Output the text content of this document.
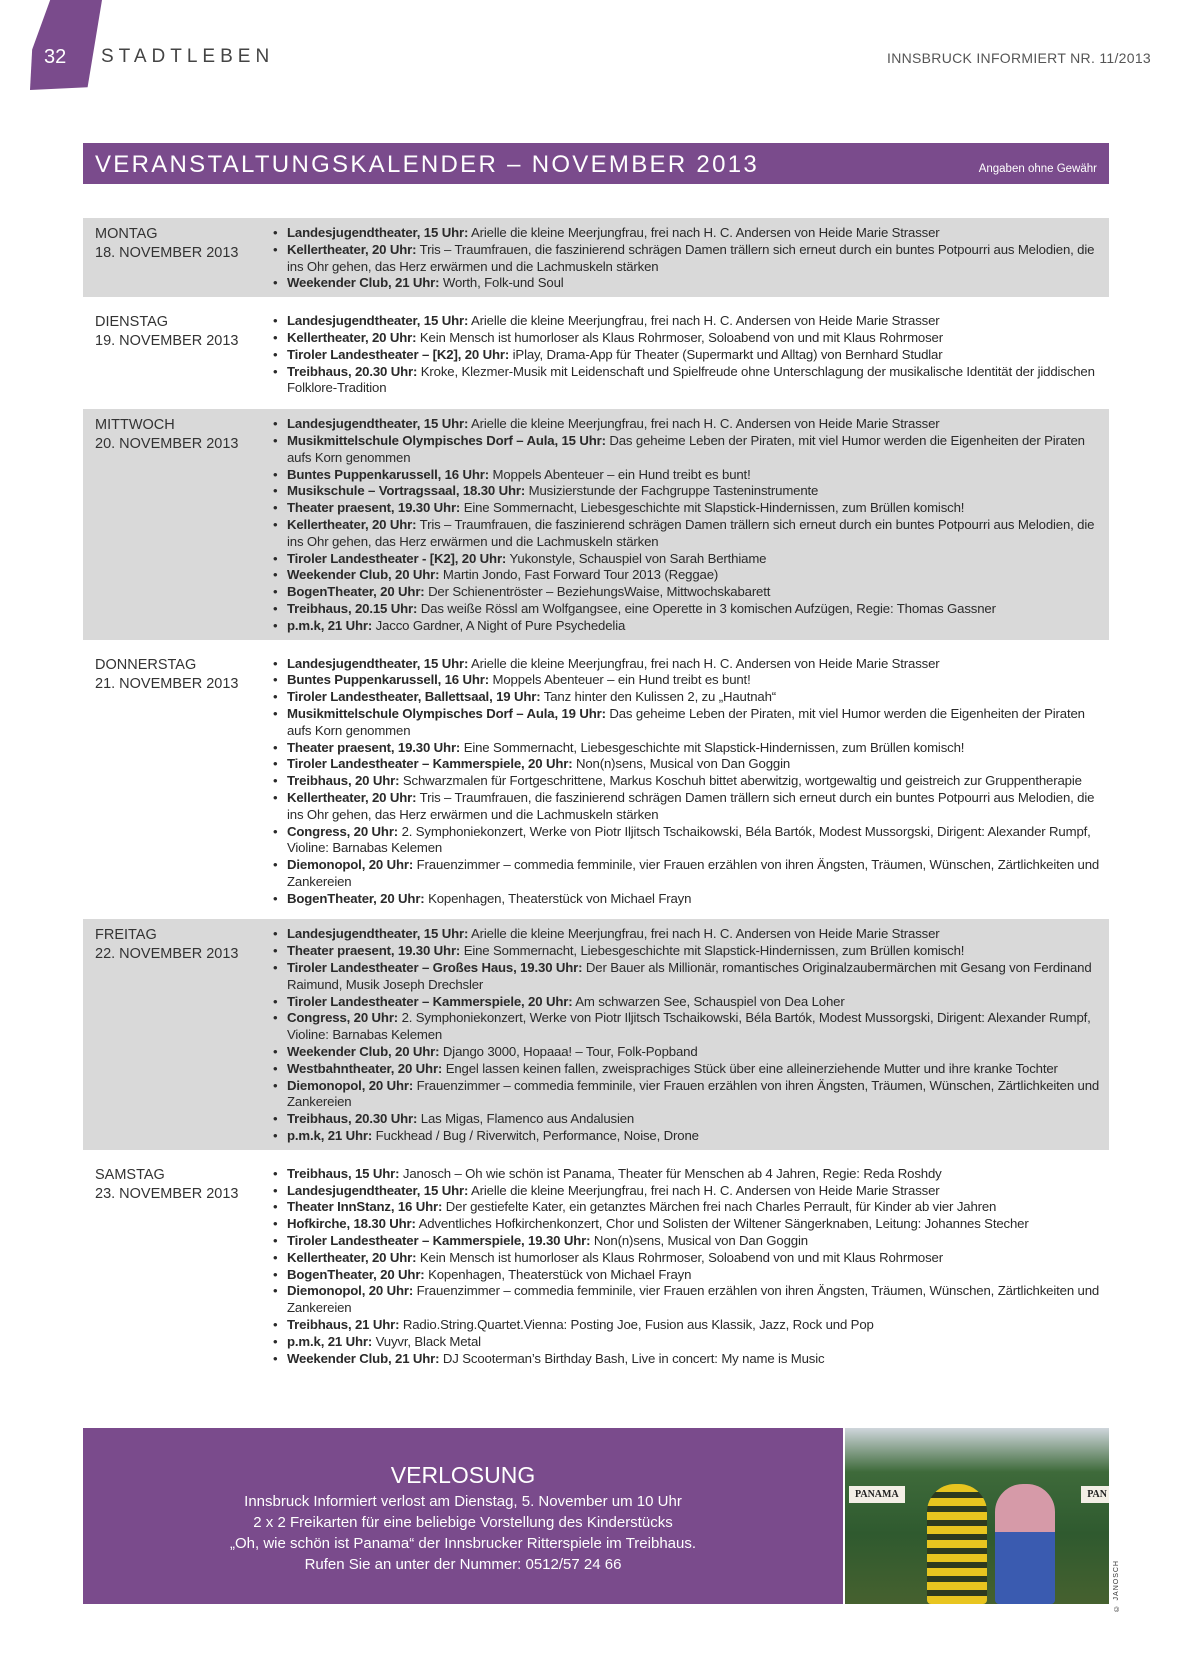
32 STADTLEBEN	INNSBRUCK INFORMIERT NR. 11/2013
VERANSTALTUNGSKALENDER – NOVEMBER 2013	Angaben ohne Gewähr
MONTAG
18. NOVEMBER 2013
• Landesjugendtheater, 15 Uhr: Arielle die kleine Meerjungfrau, frei nach H. C. Andersen von Heide Marie Strasser
• Kellertheater, 20 Uhr: Tris – Traumfrauen, die faszinierend schrägen Damen trällern sich erneut durch ein buntes Potpourri aus Melodien, die ins Ohr gehen, das Herz erwärmen und die Lachmuskeln stärken
• Weekender Club, 21 Uhr: Worth, Folk-und Soul
DIENSTAG
19. NOVEMBER 2013
• Landesjugendtheater, 15 Uhr: Arielle die kleine Meerjungfrau, frei nach H. C. Andersen von Heide Marie Strasser
• Kellertheater, 20 Uhr: Kein Mensch ist humorloser als Klaus Rohrmoser, Soloabend von und mit Klaus Rohrmoser
• Tiroler Landestheater – [K2], 20 Uhr: iPlay, Drama-App für Theater (Supermarkt und Alltag) von Bernhard Studlar
• Treibhaus, 20.30 Uhr: Kroke, Klezmer-Musik mit Leidenschaft und Spielfreude ohne Unterschlagung der musikalische Identität der jiddischen Folklore-Tradition
MITTWOCH
20. NOVEMBER 2013
• Landesjugendtheater, 15 Uhr: Arielle die kleine Meerjungfrau, frei nach H. C. Andersen von Heide Marie Strasser
• Musikmittelschule Olympisches Dorf – Aula, 15 Uhr: Das geheime Leben der Piraten, mit viel Humor werden die Eigenheiten der Piraten aufs Korn genommen
• Buntes Puppenkarussell, 16 Uhr: Moppels Abenteuer – ein Hund treibt es bunt!
• Musikschule – Vortragssaal, 18.30 Uhr: Musizierstunde der Fachgruppe Tasteninstrumente
• Theater praesent, 19.30 Uhr: Eine Sommernacht, Liebesgeschichte mit Slapstick-Hindernissen, zum Brüllen komisch!
• Kellertheater, 20 Uhr: Tris – Traumfrauen, die faszinierend schrägen Damen trällern sich erneut durch ein buntes Potpourri aus Melodien, die ins Ohr gehen, das Herz erwärmen und die Lachmuskeln stärken
• Tiroler Landestheater - [K2], 20 Uhr: Yukonstyle, Schauspiel von Sarah Berthiame
• Weekender Club, 20 Uhr: Martin Jondo, Fast Forward Tour 2013 (Reggae)
• BogenTheater, 20 Uhr: Der Schienentröster – BeziehungsWaise, Mittwochskabarett
• Treibhaus, 20.15 Uhr: Das weiße Rössl am Wolfgangsee, eine Operette in 3 komischen Aufzügen, Regie: Thomas Gassner
• p.m.k, 21 Uhr: Jacco Gardner, A Night of Pure Psychedelia
DONNERSTAG
21. NOVEMBER 2013
• Landesjugendtheater, 15 Uhr: Arielle die kleine Meerjungfrau, frei nach H. C. Andersen von Heide Marie Strasser
• Buntes Puppenkarussell, 16 Uhr: Moppels Abenteuer – ein Hund treibt es bunt!
• Tiroler Landestheater, Ballettsaal, 19 Uhr: Tanz hinter den Kulissen 2, zu „Hautnah“
• Musikmittelschule Olympisches Dorf – Aula, 19 Uhr: Das geheime Leben der Piraten, mit viel Humor werden die Eigenheiten der Piraten aufs Korn genommen
• Theater praesent, 19.30 Uhr: Eine Sommernacht, Liebesgeschichte mit Slapstick-Hindernissen, zum Brüllen komisch!
• Tiroler Landestheater – Kammerspiele, 20 Uhr: Non(n)sens, Musical von Dan Goggin
• Treibhaus, 20 Uhr: Schwarzmalen für Fortgeschrittene, Markus Koschuh bittet aberwitzig, wortgewaltig und geistreich zur Gruppentherapie
• Kellertheater, 20 Uhr: Tris – Traumfrauen, die faszinierend schrägen Damen trällern sich erneut durch ein buntes Potpourri aus Melodien, die ins Ohr gehen, das Herz erwärmen und die Lachmuskeln stärken
• Congress, 20 Uhr: 2. Symphoniekonzert, Werke von Piotr Iljitsch Tschaikowski, Béla Bartók, Modest Mussorgski, Dirigent: Alexander Rumpf, Violine: Barnabas Kelemen
• Diemonopol, 20 Uhr: Frauenzimmer – commedia femminile, vier Frauen erzählen von ihren Ängsten, Träumen, Wünschen, Zärtlichkeiten und Zankereien
• BogenTheater, 20 Uhr: Kopenhagen, Theaterstück von Michael Frayn
FREITAG
22. NOVEMBER 2013
• Landesjugendtheater, 15 Uhr: Arielle die kleine Meerjungfrau, frei nach H. C. Andersen von Heide Marie Strasser
• Theater praesent, 19.30 Uhr: Eine Sommernacht, Liebesgeschichte mit Slapstick-Hindernissen, zum Brüllen komisch!
• Tiroler Landestheater – Großes Haus, 19.30 Uhr: Der Bauer als Millionär, romantisches Originalzaubermärchen mit Gesang von Ferdinand Raimund, Musik Joseph Drechsler
• Tiroler Landestheater – Kammerspiele, 20 Uhr: Am schwarzen See, Schauspiel von Dea Loher
• Congress, 20 Uhr: 2. Symphoniekonzert, Werke von Piotr Iljitsch Tschaikowski, Béla Bartók, Modest Mussorgski, Dirigent: Alexander Rumpf, Violine: Barnabas Kelemen
• Weekender Club, 20 Uhr: Django 3000, Hopaaa! – Tour, Folk-Popband
• Westbahntheater, 20 Uhr: Engel lassen keinen fallen, zweisprachiges Stück über eine alleinerziehende Mutter und ihre kranke Tochter
• Diemonopol, 20 Uhr: Frauenzimmer – commedia femminile, vier Frauen erzählen von ihren Ängsten, Träumen, Wünschen, Zärtlichkeiten und Zankereien
• Treibhaus, 20.30 Uhr: Las Migas, Flamenco aus Andalusien
• p.m.k, 21 Uhr: Fuckhead / Bug / Riverwitch, Performance, Noise, Drone
SAMSTAG
23. NOVEMBER 2013
• Treibhaus, 15 Uhr: Janosch – Oh wie schön ist Panama, Theater für Menschen ab 4 Jahren, Regie: Reda Roshdy
• Landesjugendtheater, 15 Uhr: Arielle die kleine Meerjungfrau, frei nach H. C. Andersen von Heide Marie Strasser
• Theater InnStanz, 16 Uhr: Der gestiefelte Kater, ein getanztes Märchen frei nach Charles Perrault, für Kinder ab vier Jahren
• Hofkirche, 18.30 Uhr: Adventliches Hofkirchenkonzert, Chor und Solisten der Wiltener Sängerknaben, Leitung: Johannes Stecher
• Tiroler Landestheater – Kammerspiele, 19.30 Uhr: Non(n)sens, Musical von Dan Goggin
• Kellertheater, 20 Uhr: Kein Mensch ist humorloser als Klaus Rohrmoser, Soloabend von und mit Klaus Rohrmoser
• BogenTheater, 20 Uhr: Kopenhagen, Theaterstück von Michael Frayn
• Diemonopol, 20 Uhr: Frauenzimmer – commedia femminile, vier Frauen erzählen von ihren Ängsten, Träumen, Wünschen, Zärtlichkeiten und Zankereien
• Treibhaus, 21 Uhr: Radio.String.Quartet.Vienna: Posting Joe, Fusion aus Klassik, Jazz, Rock und Pop
• p.m.k, 21 Uhr: Vuyvr, Black Metal
• Weekender Club, 21 Uhr: DJ Scooterman’s Birthday Bash, Live in concert: My name is Music
VERLOSUNG

Innsbruck Informiert verlost am Dienstag, 5. November um 10 Uhr

2 x 2 Freikarten für eine beliebige Vorstellung des Kinderstücks

„Oh, wie schön ist Panama“ der Innsbrucker Ritterspiele im Treibhaus.

Rufen Sie an unter der Nummer: 0512/57 24 66

PANAMA	PAN
© JANOSCH
